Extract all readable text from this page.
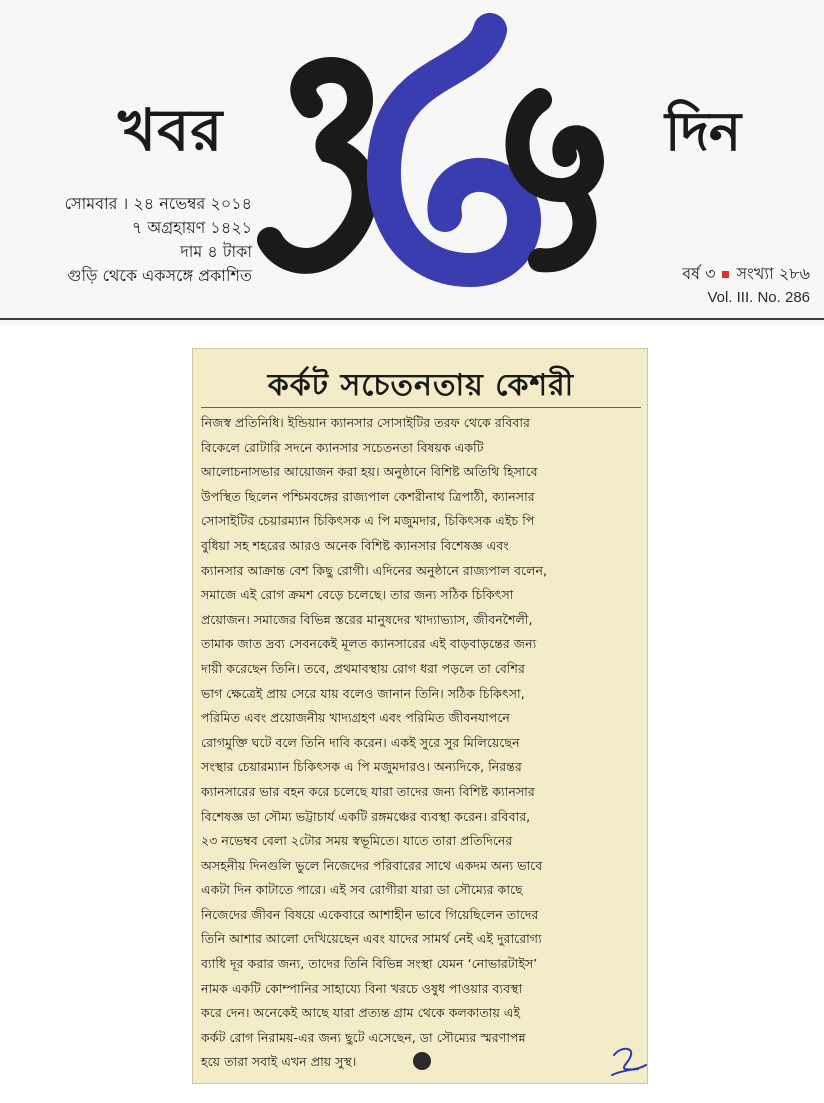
খবর	দিন
সোমবার । ২৪ নভেম্বর ২০১৪
৭ অগ্রহায়ণ ১৪২১
দাম ৪ টাকা
গুড়ি থেকে একসঙ্গে প্রকাশিত	বর্ষ ৩ সংখ্যা ২৮৬
Vol. III. No. 286
কর্কট সচেতনতায় কেশরী
নিজস্ব প্রতিনিধি। ইন্ডিয়ান ক্যানসার সোসাইটির তরফ থেকে রবিবার
বিকেলে রোটারি সদনে ক্যানসার সচেতনতা বিষয়ক একটি
আলোচনাসভার আয়োজন করা হয়। অনুষ্ঠানে বিশিষ্ট অতিথি হিসাবে
উপস্থিত ছিলেন পশ্চিমবঙ্গের রাজ্যপাল কেশরীনাথ ত্রিপাঠী, ক্যানসার
সোসাইটির চেয়ারম্যান চিকিৎসক এ পি মজুমদার, চিকিৎসক এইচ পি
বুধিয়া সহ শহরের আরও অনেক বিশিষ্ট ক্যানসার বিশেষজ্ঞ এবং
ক্যানসার আক্রান্ত বেশ কিছু রোগী। এদিনের অনুষ্ঠানে রাজ্যপাল বলেন,
সমাজে এই রোগ ক্রমশ বেড়ে চলেছে। তার জন্য সঠিক চিকিৎসা
প্রয়োজন। সমাজের বিভিন্ন স্তরের মানুষদের খাদ্যাভ্যাস, জীবনশৈলী,
তামাক জাত দ্রব্য সেবনকেই মূলত ক্যানসারের এই বাড়বাড়ন্তের জন্য
দায়ী করেছেন তিনি। তবে, প্রথমাবস্থায় রোগ ধরা পড়লে তা বেশির
ভাগ ক্ষেত্রেই প্রায় সেরে যায় বলেও জানান তিনি। সঠিক চিকিৎসা,
পরিমিত এবং প্রয়োজনীয় খাদ্যগ্রহণ এবং পরিমিত জীবনযাপনে
রোগমুক্তি ঘটে বলে তিনি দাবি করেন। একই সুরে সুর মিলিয়েছেন
সংস্থার চেয়ারম্যান চিকিৎসক এ পি মজুমদারও। অন্যদিকে, নিরন্তর
ক্যানসারের ভার বহন করে চলেছে যারা তাদের জন্য বিশিষ্ট ক্যানসার
বিশেষজ্ঞ ডা সৌম্য ভট্টাচার্য একটি রঙ্গমঞ্চের ব্যবস্থা করেন। রবিবার,
২৩ নভেম্বব বেলা ২টোর সময় স্বভূমিতে। যাতে তারা প্রতিদিনের
অসহনীয় দিনগুলি ভুলে নিজেদের পরিবারের সাথে একদম অন্য ভাবে
একটা দিন কাটাতে পারে। এই সব রোগীরা যারা ডা সৌম্যের কাছে
নিজেদের জীবন বিষয়ে একেবারে আশাহীন ভাবে গিয়েছিলেন তাদের
তিনি আশার আলো দেখিয়েছেন এবং যাদের সামর্থ নেই এই দুরারোগ্য
ব্যাধি দূর করার জন্য, তাদের তিনি বিভিন্ন সংস্থা যেমন ‘নোভারটাইস’
নামক একটি কোম্পানির সাহায্যে বিনা খরচে ওষুধ পাওয়ার ব্যবস্থা
করে দেন। অনেকেই আছে যারা প্রত্যন্ত গ্রাম থেকে কলকাতায় এই
কর্কট রোগ নিরাময়-এর জন্য ছুটে এসেছেন, ডা সৌম্যের স্মরণাপন্ন
হয়ে তারা সবাই এখন প্রায় সুস্থ।
